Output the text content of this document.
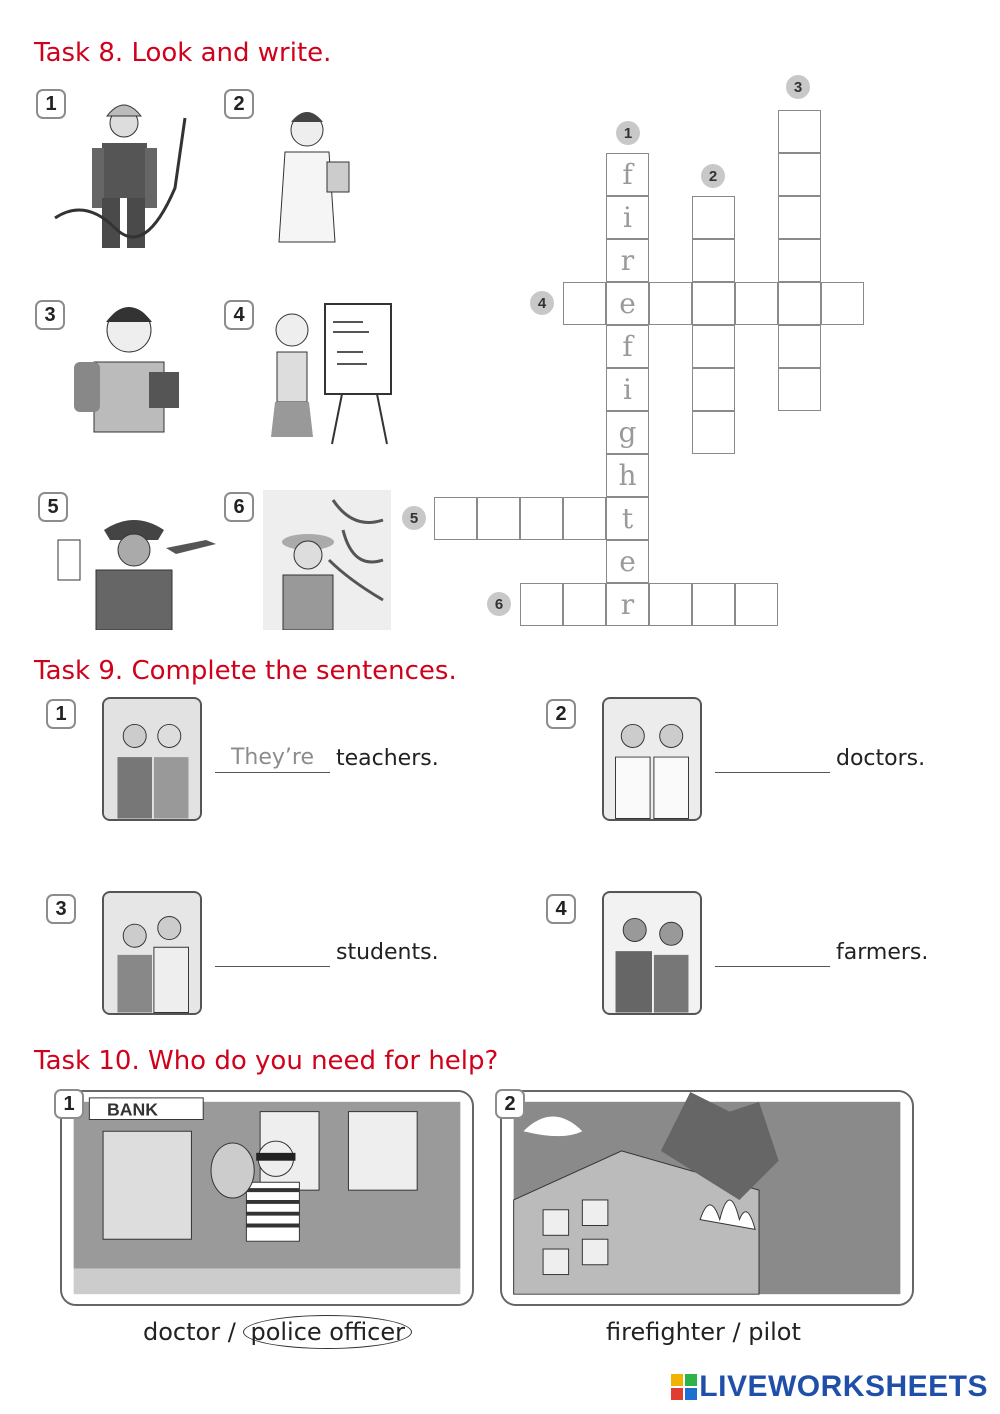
Task 8. Look and write.
1	2
3	4
5	6
1
2
3
4
5
6
f
i
r
e
f
i
g
h
t
e
r
Task 9. Complete the sentences.
1
They’re
teachers.
2
doctors.
3
students.
4
farmers.
Task 10. Who do you need for help?
BANK
1	2
doctor / police officer	firefighter / pilot
LIVEWORKSHEETS
